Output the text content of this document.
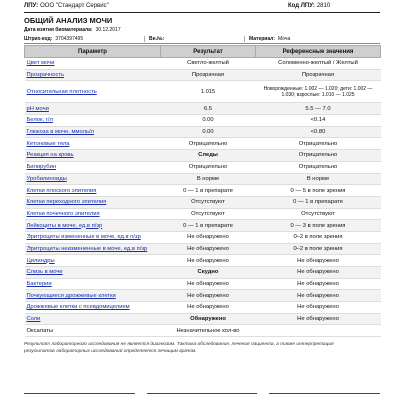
ЛПУ: ООО "Стандарт Сервис"	Код ЛПУ: 2810
ОБЩИЙ АНАЛИЗ МОЧИ
Дата взятия биоматериала: 30.12.2017
Штрих-код: 3704397495	Вн.№:	Материал: Моча
Параметр	Результат	Референсные значения
Цвет мочи	Светло-желтый	Соломенно-желтый / Желтый
Прозрачность	Прозрачная	Прозрачная
Относительная плотность	1.015	Новорожденные: 1.002 — 1.020; дети: 1.002 — 1.030; взрослые: 1.010 — 1.025
pH мочи	6.5	5.5 — 7.0
Белок, г/л	0.00	<0.14
Глюкоза в моче, ммоль/л	0.00	<0.80
Кетоновые тела	Отрицательно	Отрицательно
Реакция на кровь	Следы	Отрицательно
Билирубин	Отрицательно	Отрицательно
Уробилиноиды	В норме	В норме
Клетки плоского эпителия	0 — 1 в препарате	0 — 5 в поле зрения
Клетки переходного эпителия	Отсутствуют	0 — 1 в препарате
Клетки почечного эпителия	Отсутствуют	Отсутствуют
Лейкоциты в моче, ед.в п/зр	0 — 1 в препарате	0 — 3 в поле зрения
Эритроциты измененные в моче, ед.в п/зр	Не обнаружено	0–2 в поле зрения
Эритроциты неизмененные в моче, ед.в п/зр	Не обнаружено	0–2 в поле зрения
Цилиндры	Не обнаружено	Не обнаружено
Слизь в моче	Скудно	Не обнаружено
Бактерии	Не обнаружено	Не обнаружено
Почкующиеся дрожжевые клетки	Не обнаружено	Не обнаружено
Дрожжевые клетки с псевдомицелием	Не обнаружено	Не обнаружено
Соли	Обнаружено	Не обнаружено
Оксалаты	Незначительное кол-во	
Результат лабораторного исследования не является диагнозом. Тактика обследования, лечения пациента, а также интерпретация результатов лабораторных исследований определяется лечащим врачом.
